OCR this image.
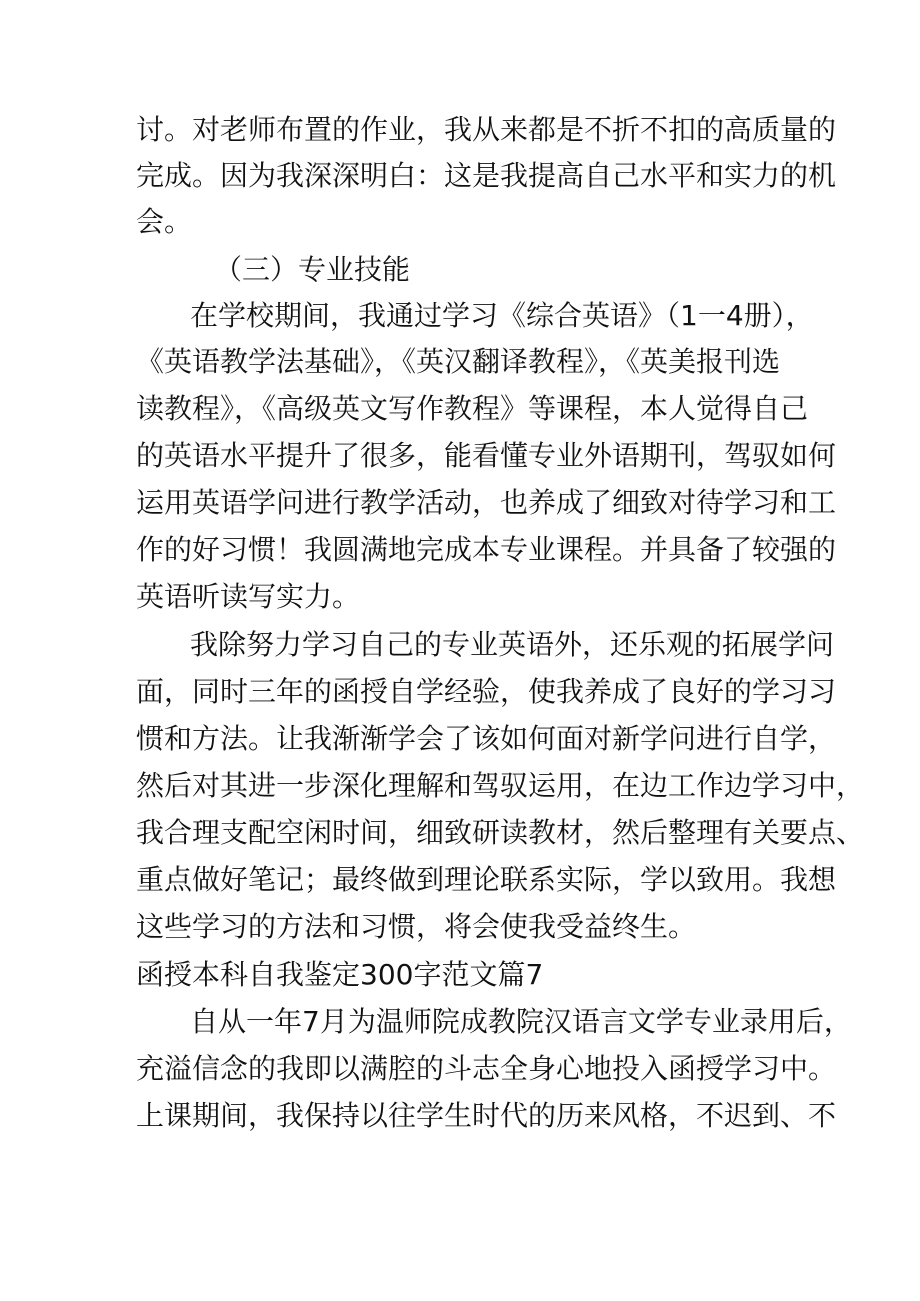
讨。对老师布置的作业，我从来都是不折不扣的高质量的
完成。因为我深深明白：这是我提高自己水平和实力的机
会。
（三）专业技能
在学校期间，我通过学习《综合英语》（1一4册），
《英语教学法基础》，《英汉翻译教程》，《英美报刊选
读教程》，《高级英文写作教程》等课程，本人觉得自己
的英语水平提升了很多，能看懂专业外语期刊，驾驭如何
运用英语学问进行教学活动，也养成了细致对待学习和工
作的好习惯！我圆满地完成本专业课程。并具备了较强的
英语听读写实力。
我除努力学习自己的专业英语外，还乐观的拓展学问
面，同时三年的函授自学经验，使我养成了良好的学习习
惯和方法。让我渐渐学会了该如何面对新学问进行自学，
然后对其进一步深化理解和驾驭运用，在边工作边学习中，
我合理支配空闲时间，细致研读教材，然后整理有关要点、
重点做好笔记；最终做到理论联系实际，学以致用。我想
这些学习的方法和习惯，将会使我受益终生。
函授本科自我鉴定300字范文篇7
自从一年7月为温师院成教院汉语言文学专业录用后，
充溢信念的我即以满腔的斗志全身心地投入函授学习中。
上课期间，我保持以往学生时代的历来风格，不迟到、不
